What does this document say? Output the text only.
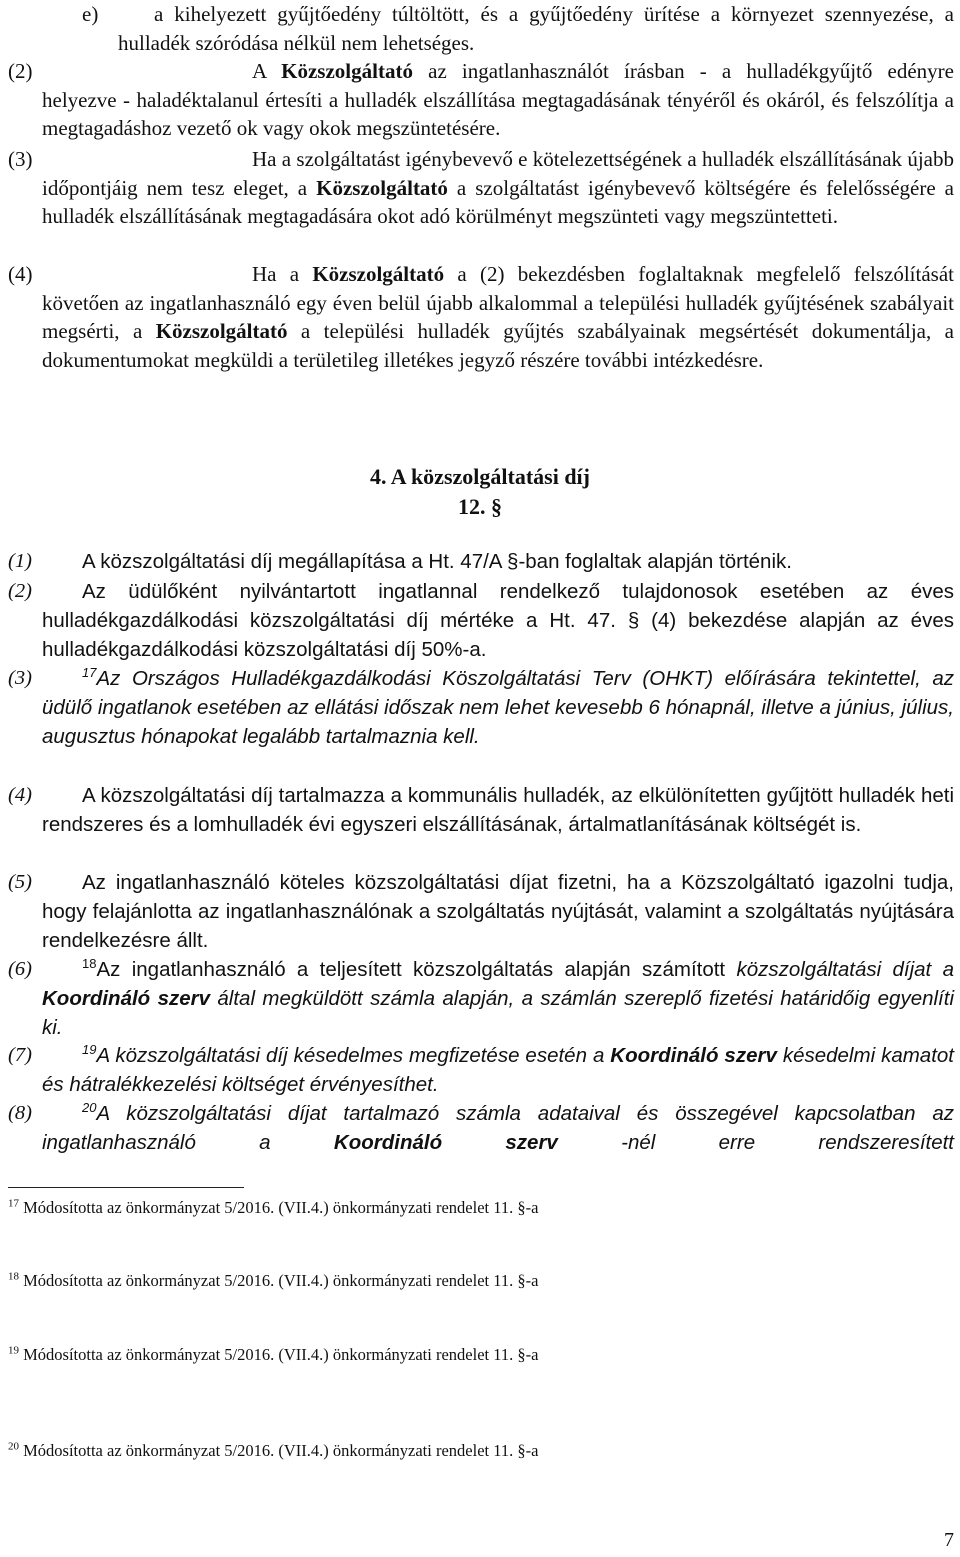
e)	a kihelyezett gyűjtőedény túltöltött, és a gyűjtőedény ürítése a környezet szennyezése, a hulladék szóródása nélkül nem lehetséges.

(2)	A Közszolgáltató az ingatlanhasználót írásban - a hulladékgyűjtő edényre helyezve - haladéktalanul értesíti a hulladék elszállítása megtagadásának tényéről és okáról, és felszólítja a megtagadáshoz vezető ok vagy okok megszüntetésére.

(3)	Ha a szolgáltatást igénybevevő e kötelezettségének a hulladék elszállításának újabb időpontjáig nem tesz eleget, a Közszolgáltató a szolgáltatást igénybevevő költségére és felelősségére a hulladék elszállításának megtagadására okot adó körülményt megszünteti vagy megszüntetteti.

(4)	Ha a Közszolgáltató a (2) bekezdésben foglaltaknak megfelelő felszólítását követően az ingatlanhasználó egy éven belül újabb alkalommal a települési hulladék gyűjtésének szabályait megsérti, a Közszolgáltató a települési hulladék gyűjtés szabályainak megsértését dokumentálja, a dokumentumokat megküldi a területileg illetékes jegyző részére további intézkedésre.

4. A közszolgáltatási díj
12. §
(1)	A közszolgáltatási díj megállapítása a Ht. 47/A §-ban foglaltak alapján történik.

(2)	Az üdülőként nyilvántartott ingatlannal rendelkező tulajdonosok esetében az éves hulladékgazdálkodási közszolgáltatási díj mértéke a Ht. 47. § (4) bekezdése alapján az éves hulladékgazdálkodási közszolgáltatási díj 50%-a.

(3)	$^{17}$Az Országos Hulladékgazdálkodási Köszolgáltatási Terv (OHKT) előírására tekintettel, az üdülő ingatlanok esetében az ellátási időszak nem lehet kevesebb 6 hónapnál, illetve a június, július, augusztus hónapokat legalább tartalmaznia kell.

(4)	A közszolgáltatási díj tartalmazza a kommunális hulladék, az elkülönítetten gyűjtött hulladék heti rendszeres és a lomhulladék évi egyszeri elszállításának, ártalmatlanításának költségét is.

(5)	Az ingatlanhasználó köteles közszolgáltatási díjat fizetni, ha a Közszolgáltató igazolni tudja, hogy felajánlotta az ingatlanhasználónak a szolgáltatás nyújtását, valamint a szolgáltatás nyújtására rendelkezésre állt.

(6)	$^{18}$Az ingatlanhasználó a teljesített közszolgáltatás alapján számított közszolgáltatási díjat a Koordináló szerv által megküldött számla alapján, a számlán szereplő fizetési határidőig egyenlíti ki.

(7)	$^{19}$A közszolgáltatási díj késedelmes megfizetése esetén a Koordináló szerv késedelmi kamatot és hátralékkezelési költséget érvényesíthet.

(8)	$^{20}$A közszolgáltatási díjat tartalmazó számla adataival és összegével kapcsolatban az ingatlanhasználó a Koordináló szerv -nél erre rendszeresített

$^{17}$ Módosította az önkormányzat 5/2016. (VII.4.) önkormányzati rendelet 11. §-a
$^{18}$ Módosította az önkormányzat 5/2016. (VII.4.) önkormányzati rendelet 11. §-a
$^{19}$ Módosította az önkormányzat 5/2016. (VII.4.) önkormányzati rendelet 11. §-a
$^{20}$ Módosította az önkormányzat 5/2016. (VII.4.) önkormányzati rendelet 11. §-a
7
